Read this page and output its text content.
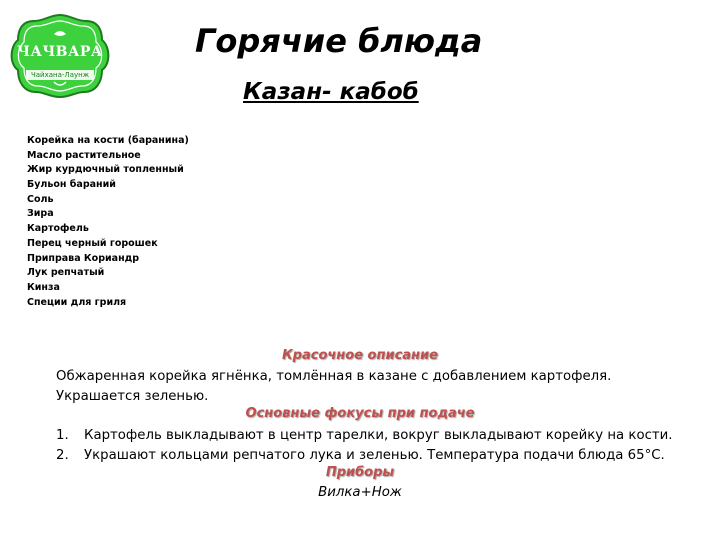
ЧАЧВАРА
Чайхана-Лаунж
Горячие блюда
Казан- кабоб
Корейка на кости (баранина)
Масло растительное
Жир курдючный топленный
Бульон бараний
Соль
Зира
Картофель
Перец черный горошек
Приправа Кориандр
Лук репчатый
Кинза
Специи для гриля
Красочное описание

Обжаренная корейка ягнёнка, томлённая в казане с добавлением картофеля.

Украшается зеленью.

Основные фокусы при подаче
1.	Картофель выкладывают в центр тарелки, вокруг выкладывают корейку на кости.
2.	Украшают кольцами репчатого лука и зеленью. Температура подачи блюда 65°С.
Приборы
Вилка+Нож
